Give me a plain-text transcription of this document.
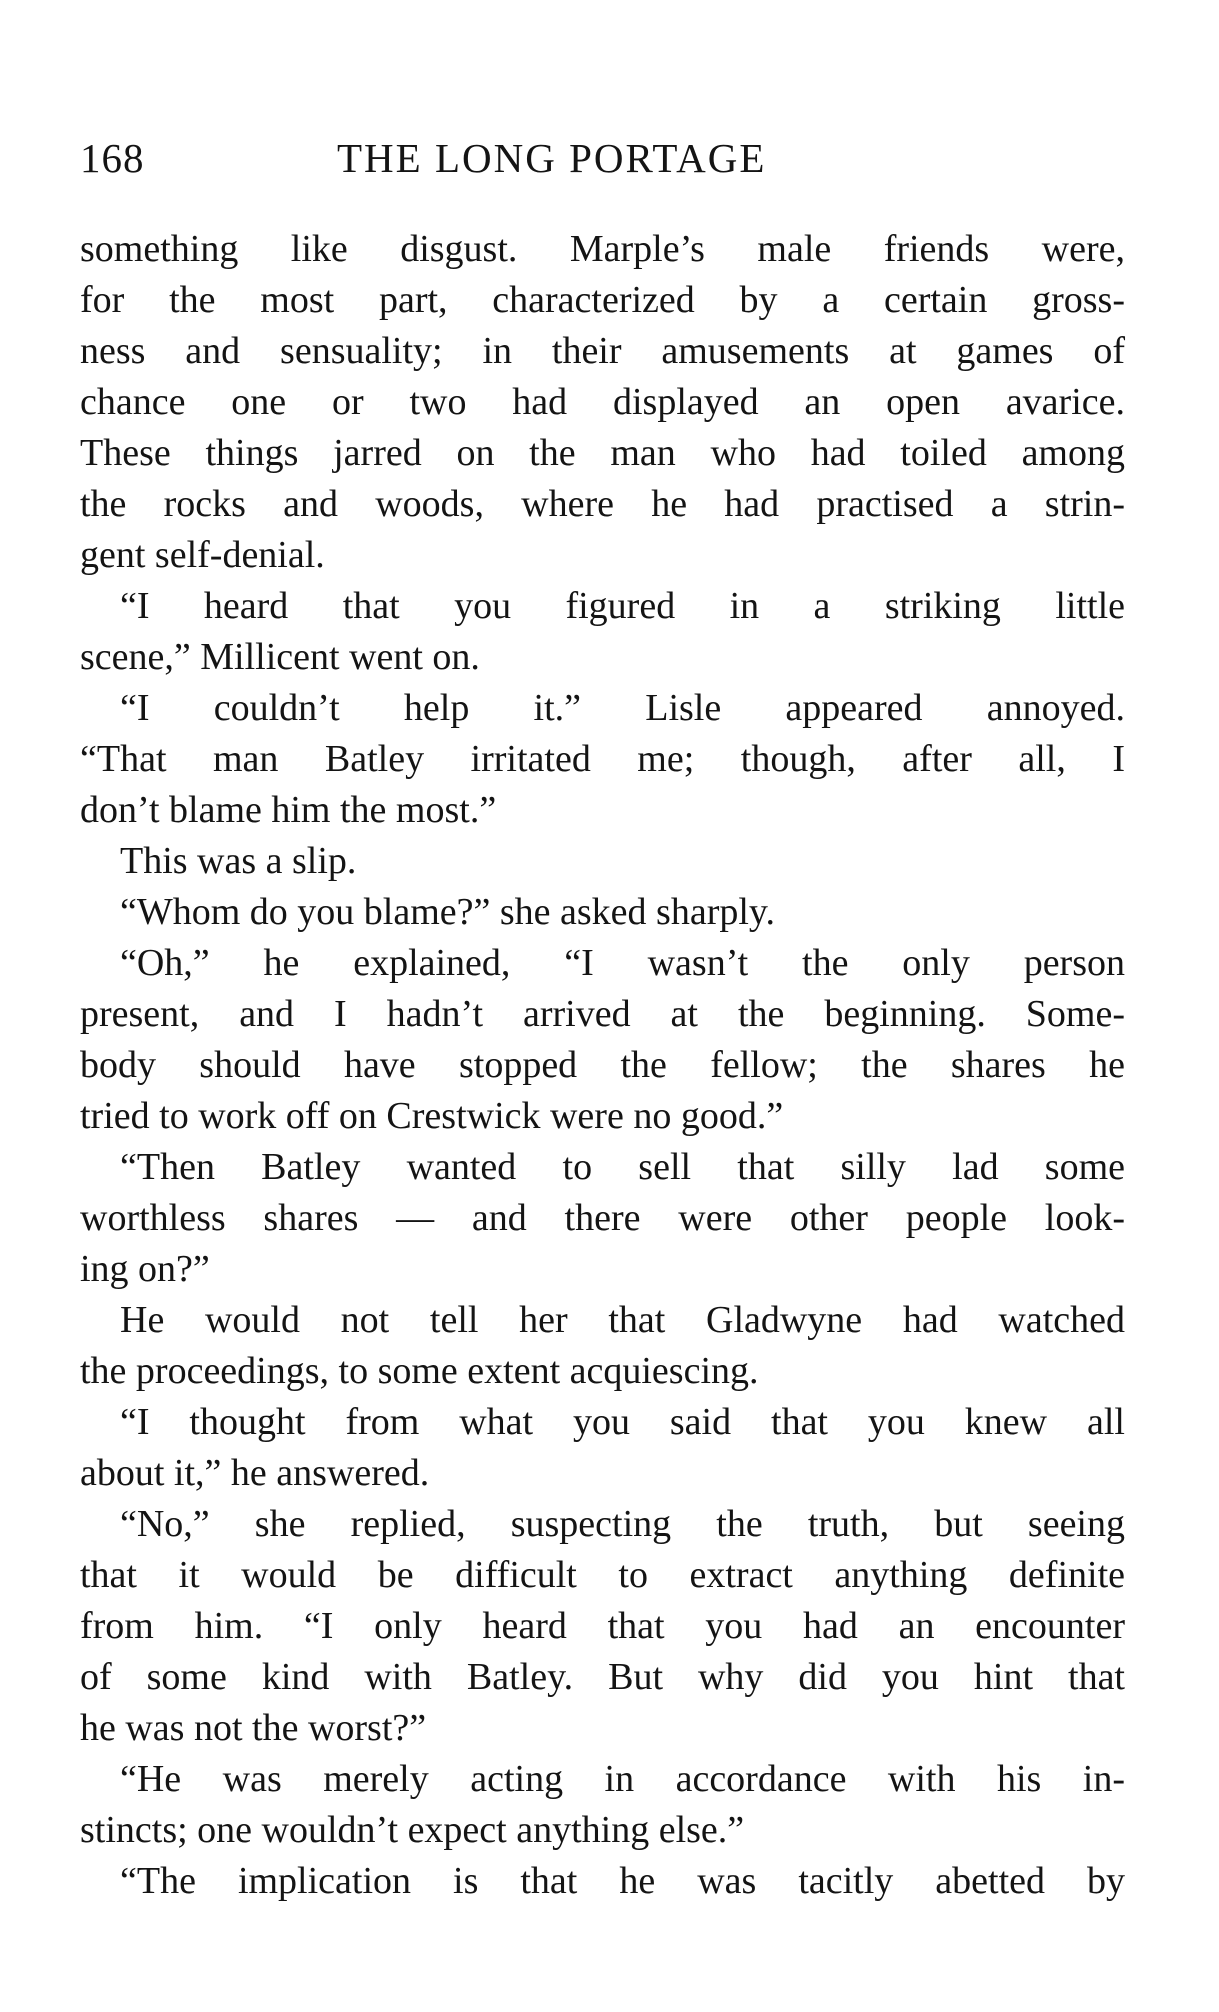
168	THE LONG PORTAGE
something like disgust. Marple’s male friends were,
for the most part, characterized by a certain gross-
ness and sensuality; in their amusements at games of
chance one or two had displayed an open avarice.
These things jarred on the man who had toiled among
the rocks and woods, where he had practised a strin-
gent self-denial.
“I heard that you figured in a striking little
scene,” Millicent went on.
“I couldn’t help it.” Lisle appeared annoyed.
“That man Batley irritated me; though, after all, I
don’t blame him the most.”
This was a slip.
“Whom do you blame?” she asked sharply.
“Oh,” he explained, “I wasn’t the only person
present, and I hadn’t arrived at the beginning. Some-
body should have stopped the fellow; the shares he
tried to work off on Crestwick were no good.”
“Then Batley wanted to sell that silly lad some
worthless shares — and there were other people look-
ing on?”
He would not tell her that Gladwyne had watched
the proceedings, to some extent acquiescing.
“I thought from what you said that you knew all
about it,” he answered.
“No,” she replied, suspecting the truth, but seeing
that it would be difficult to extract anything definite
from him. “I only heard that you had an encounter
of some kind with Batley. But why did you hint that
he was not the worst?”
“He was merely acting in accordance with his in-
stincts; one wouldn’t expect anything else.”
“The implication is that he was tacitly abetted by
